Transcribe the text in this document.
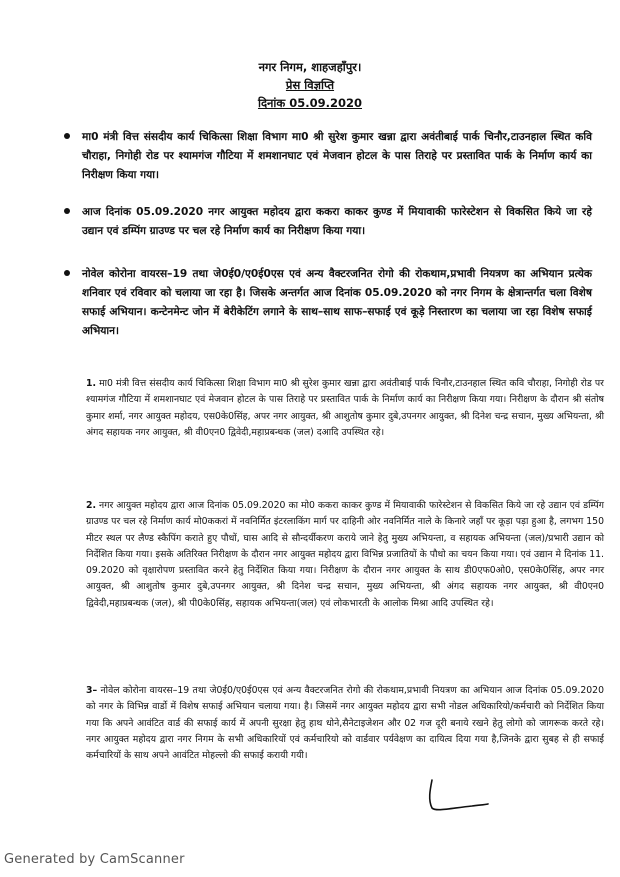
नगर निगम, शाहजहाँपुर।
प्रेस विज्ञप्ति
दिनांक 05.09.2020
मा0 मंत्री वित्त संसदीय कार्य चिकित्सा शिक्षा विभाग मा0 श्री सुरेश कुमार खन्ना द्वारा अवंतीबाई पार्क चिनौर,टाउनहाल स्थित कवि चौराहा, निगोही रोड पर श्यामगंज गौटिया में शमशानघाट एवं मेजवान होटल के पास तिराहे पर प्रस्तावित पार्क के निर्माण कार्य का निरीक्षण किया गया।
आज दिनांक 05.09.2020 नगर आयुक्त महोदय द्वारा ककरा काकर कुण्ड में मियावाकी फारेस्टेशन से विकसित किये जा रहे उद्यान एवं डम्पिंग ग्राउण्ड पर चल रहे निर्माण कार्य का निरीक्षण किया गया।
नोवेल कोरोना वायरस–19 तथा जे0ई0/ए0ई0एस एवं अन्य वैक्टरजनित रोगो की रोकथाम,प्रभावी नियत्रण का अभियान प्रत्येक शनिवार एवं रविवार को चलाया जा रहा है। जिसके अन्तर्गत आज दिनांक 05.09.2020 को नगर निगम के क्षेत्रान्तर्गत चला विशेष सफाई अभियान। कन्टेनमेन्ट जोन में बेरीकेटिंग लगाने के साथ–साथ साफ–सफाई एवं कूड़े निस्तारण का चलाया जा रहा विशेष सफाई अभियान।
1. मा0 मंत्री वित्त संसदीय कार्य चिकित्सा शिक्षा विभाग मा0 श्री सुरेश कुमार खन्ना द्वारा अवंतीबाई पार्क चिनौर,टाउनहाल स्थित कवि चौराहा, निगोही रोड पर श्यामगंज गौटिया में शमशानघाट एवं मेजवान होटल के पास तिराहे पर प्रस्तावित पार्क के निर्माण कार्य का निरीक्षण किया गया। निरीक्षण के दौरान श्री संतोष कुमार शर्मा, नगर आयुक्त महोदय, एस0के0सिंह, अपर नगर आयुक्त, श्री आशुतोष कुमार दुबे,उपनगर आयुक्त, श्री दिनेश चन्द्र सचान, मुख्य अभियन्ता, श्री अंगद सहायक नगर आयुक्त, श्री वी0एन0 द्विवेदी,महाप्रबन्धक (जल) दआदि उपस्थित रहे।
2. नगर आयुक्त महोदय द्वारा आज दिनांक 05.09.2020 का मो0 ककरा काकर कुण्ड में मियावाकी फारेस्टेशन से विकसित किये जा रहे उद्यान एवं डम्पिंग ग्राउण्ड पर चल रहे निर्माण कार्य मो0ककरां में नवनिर्मित इंटरलाकिंग मार्ग पर दाहिनी ओर नवनिर्मित नाले के किनारे जहाँ पर कूड़ा पड़ा हुआ है, लगभग 150 मीटर स्थल पर लैण्ड स्कैपिंग कराते हुए पौधों, घास आदि से सौन्दर्यीकरण कराये जाने हेतु मुख्य अभियन्ता, व सहायक अभियन्ता (जल)/प्रभारी उद्यान को निर्देशित किया गया। इसके अतिरिक्त निरीक्षण के दौरान नगर आयुक्त महोदय द्वारा विभिन्न प्रजातियों के पौधो का चयन किया गया। एवं उद्यान मे दिनांक 11. 09.2020 को वृक्षारोपण प्रस्तावित करने हेतु निर्देशित किया गया। निरीक्षण के दौरान नगर आयुक्त के साथ डी0एफ0ओ0, एस0के0सिंह, अपर नगर आयुक्त, श्री आशुतोष कुमार दुबे,उपनगर आयुक्त, श्री दिनेश चन्द्र सचान, मुख्य अभियन्ता, श्री अंगद सहायक नगर आयुक्त, श्री वी0एन0 द्विवेदी,महाप्रबन्धक (जल), श्री पी0के0सिंह, सहायक अभियन्ता(जल) एवं लोकभारती के आलोक मिश्रा आदि उपस्थित रहे।
3– नोवेल कोरोना वायरस–19 तथा जे0ई0/ए0ई0एस एवं अन्य वैक्टरजनित रोगो की रोकथाम,प्रभावी नियत्रण का अभियान आज दिनांक 05.09.2020 को नगर के विभिन्न वार्डो में विशेष सफाई अभियान चलाया गया। है। जिसमें नगर आयुक्त महोदय द्वारा सभी नोडल अधिकारियो/कर्मचारी को निर्देशित किया गया कि अपने आवंटित वार्ड की सफाई कार्य में अपनी सुरक्षा हेतु हाथ धोने,सैनेटाइजेशन और 02 गज दूरी बनाये रखने हेतु लोगो को जागरूक करते रहे। नगर आयुक्त महोदय द्वारा नगर निगम के सभी अधिकारियों एवं कर्मचारियो को वार्डवार पर्यवेक्षण का दायित्व दिया गया है,जिनके द्वारा सुबह से ही सफाई कर्मचारियों के साथ अपने आवंटित मोहल्लो की सफाई करायी गयी।
Generated by CamScanner
